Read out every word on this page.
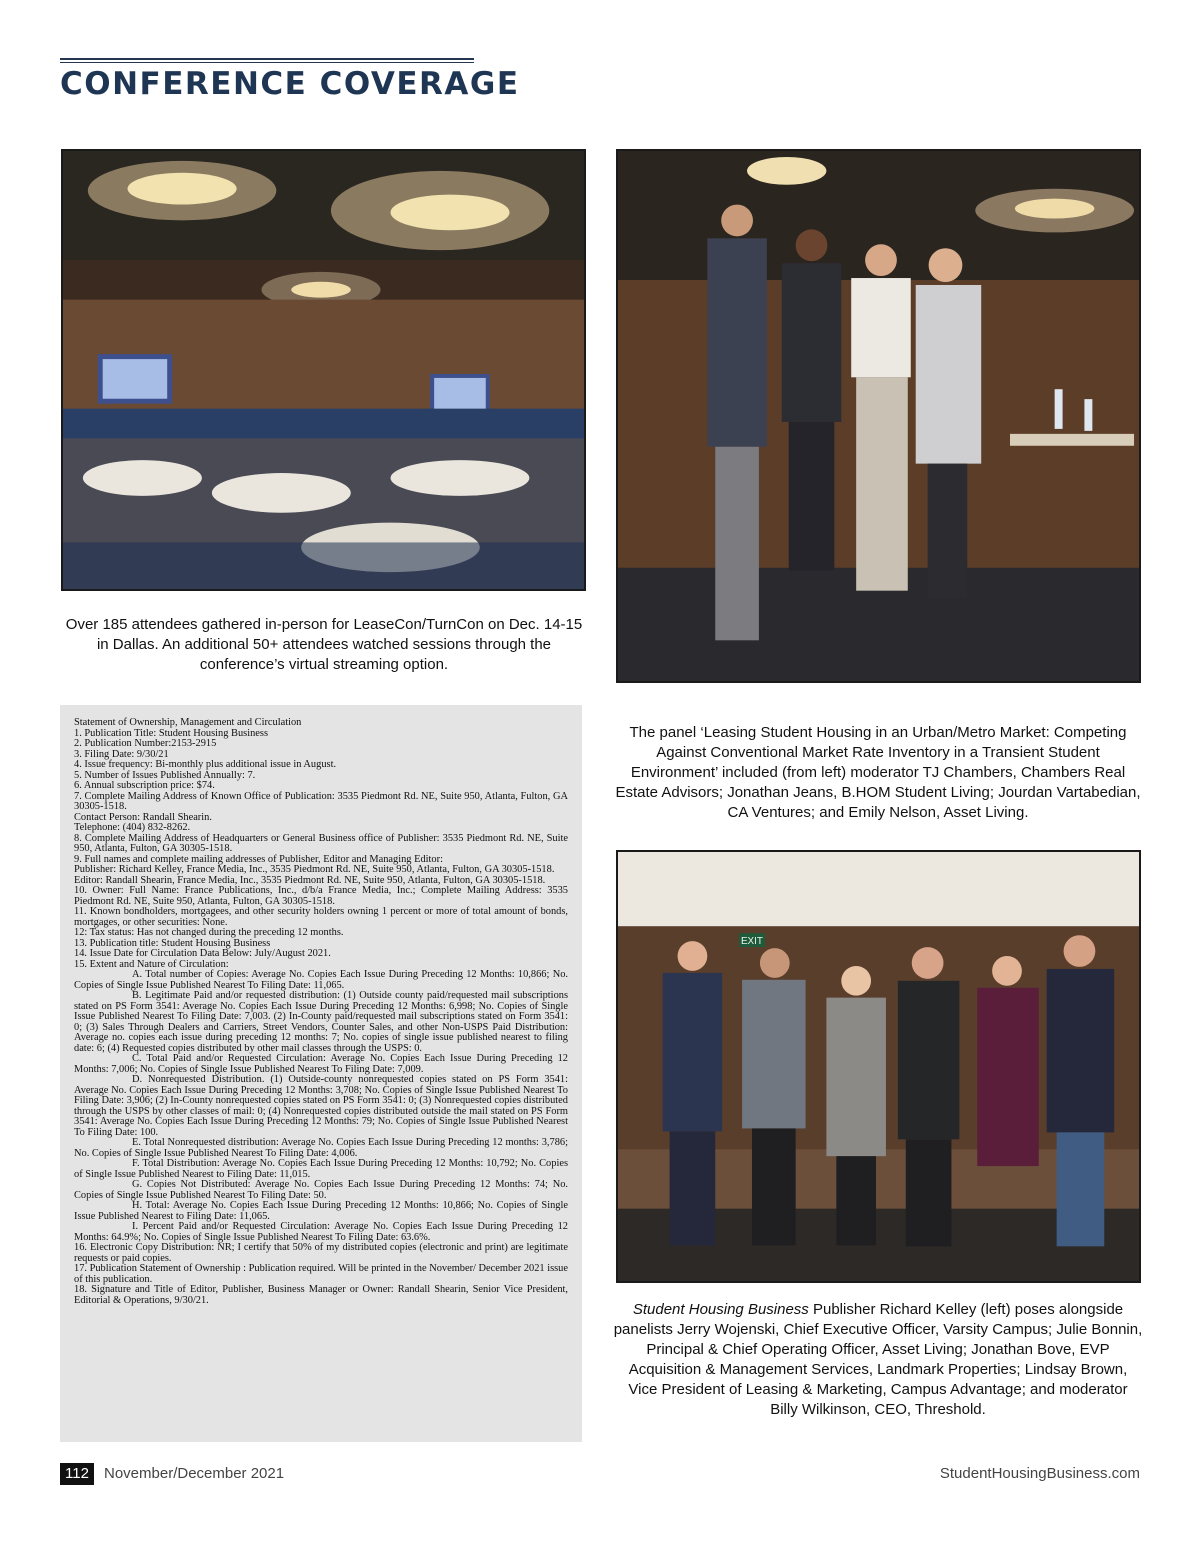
CONFERENCE COVERAGE
Over 185 attendees gathered in-person for LeaseCon/TurnCon on Dec. 14-15 in Dallas. An additional 50+ attendees watched sessions through the conference’s virtual streaming option.
The panel ‘Leasing Student Housing in an Urban/Metro Market: Competing Against Conventional Market Rate Inventory in a Transient Student Environment’ included (from left) moderator TJ Chambers, Chambers Real Estate Advisors; Jonathan Jeans, B.HOM Student Living; Jourdan Vartabedian, CA Ventures; and Emily Nelson, Asset Living.
EXIT
Student Housing Business Publisher Richard Kelley (left) poses alongside panelists Jerry Wojenski, Chief Executive Officer, Varsity Campus; Julie Bonnin, Principal & Chief Operating Officer, Asset Living; Jonathan Bove, EVP Acquisition & Management Services, Landmark Properties; Lindsay Brown, Vice President of Leasing & Marketing, Campus Advantage; and moderator Billy Wilkinson, CEO, Threshold.

Statement of Ownership, Management and Circulation

1. Publication Title: Student Housing Business

2. Publication Number:2153-2915

3. Filing Date: 9/30/21

4. Issue frequency: Bi-monthly plus additional issue in August.

5. Number of Issues Published Annually: 7.

6. Annual subscription price: $74.

7. Complete Mailing Address of Known Office of Publication: 3535 Piedmont Rd. NE, Suite 950, Atlanta, Fulton, GA 30305-1518.

Contact Person: Randall Shearin.

Telephone: (404) 832-8262.

8. Complete Mailing Address of Headquarters or General Business office of Publisher: 3535 Piedmont Rd. NE, Suite 950, Atlanta, Fulton, GA 30305-1518.

9. Full names and complete mailing addresses of Publisher, Editor and Managing Editor:

Publisher: Richard Kelley, France Media, Inc., 3535 Piedmont Rd. NE, Suite 950, Atlanta, Fulton, GA 30305-1518.

Editor: Randall Shearin, France Media, Inc., 3535 Piedmont Rd. NE, Suite 950, Atlanta, Fulton, GA 30305-1518.

10. Owner: Full Name: France Publications, Inc., d/b/a France Media, Inc.; Complete Mailing Address: 3535 Piedmont Rd. NE, Suite 950, Atlanta, Fulton, GA 30305-1518.

11. Known bondholders, mortgagees, and other security holders owning 1 percent or more of total amount of bonds, mortgages, or other securities: None.

12: Tax status: Has not changed during the preceding 12 months.

13. Publication title: Student Housing Business

14. Issue Date for Circulation Data Below: July/August 2021.

15. Extent and Nature of Circulation:

A. Total number of Copies: Average No. Copies Each Issue During Preceding 12 Months: 10,866; No. Copies of Single Issue Published Nearest To Filing Date: 11,065.

B. Legitimate Paid and/or requested distribution: (1) Outside county paid/requested mail subscriptions stated on PS Form 3541: Average No. Copies Each Issue During Preceding 12 Months: 6,998; No. Copies of Single Issue Published Nearest To Filing Date: 7,003. (2) In-County paid/requested mail subscriptions stated on Form 3541: 0; (3) Sales Through Dealers and Carriers, Street Vendors, Counter Sales, and other Non-USPS Paid Distribution: Average no. copies each issue during preceding 12 months: 7; No. copies of single issue published nearest to filing date: 6; (4) Requested copies distributed by other mail classes through the USPS: 0.

C. Total Paid and/or Requested Circulation: Average No. Copies Each Issue During Preceding 12 Months: 7,006; No. Copies of Single Issue Published Nearest To Filing Date: 7,009.

D. Nonrequested Distribution. (1) Outside-county nonrequested copies stated on PS Form 3541: Average No. Copies Each Issue During Preceding 12 Months: 3,708; No. Copies of Single Issue Published Nearest To Filing Date: 3,906; (2) In-County nonrequested copies stated on PS Form 3541: 0; (3) Nonrequested copies distributed through the USPS by other classes of mail: 0; (4) Nonrequested copies distributed outside the mail stated on PS Form 3541: Average No. Copies Each Issue During Preceding 12 Months: 79; No. Copies of Single Issue Published Nearest To Filing Date: 100.

E. Total Nonrequested distribution: Average No. Copies Each Issue During Preceding 12 months: 3,786; No. Copies of Single Issue Published Nearest To Filing Date: 4,006.

F. Total Distribution: Average No. Copies Each Issue During Preceding 12 Months: 10,792; No. Copies of Single Issue Published Nearest to Filing Date: 11,015.

G. Copies Not Distributed: Average No. Copies Each Issue During Preceding 12 Months: 74; No. Copies of Single Issue Published Nearest To Filing Date: 50.

H. Total: Average No. Copies Each Issue During Preceding 12 Months: 10,866; No. Copies of Single Issue Published Nearest to Filing Date: 11,065.

I. Percent Paid and/or Requested Circulation: Average No. Copies Each Issue During Preceding 12 Months: 64.9%; No. Copies of Single Issue Published Nearest To Filing Date: 63.6%.

16. Electronic Copy Distribution: NR; I certify that 50% of my distributed copies (electronic and print) are legitimate requests or paid copies.

17. Publication Statement of Ownership : Publication required. Will be printed in the November/ December 2021 issue of this publication.

18. Signature and Title of Editor, Publisher, Business Manager or Owner: Randall Shearin, Senior Vice President, Editorial & Operations, 9/30/21.

112	November/December 2021	StudentHousingBusiness.com
